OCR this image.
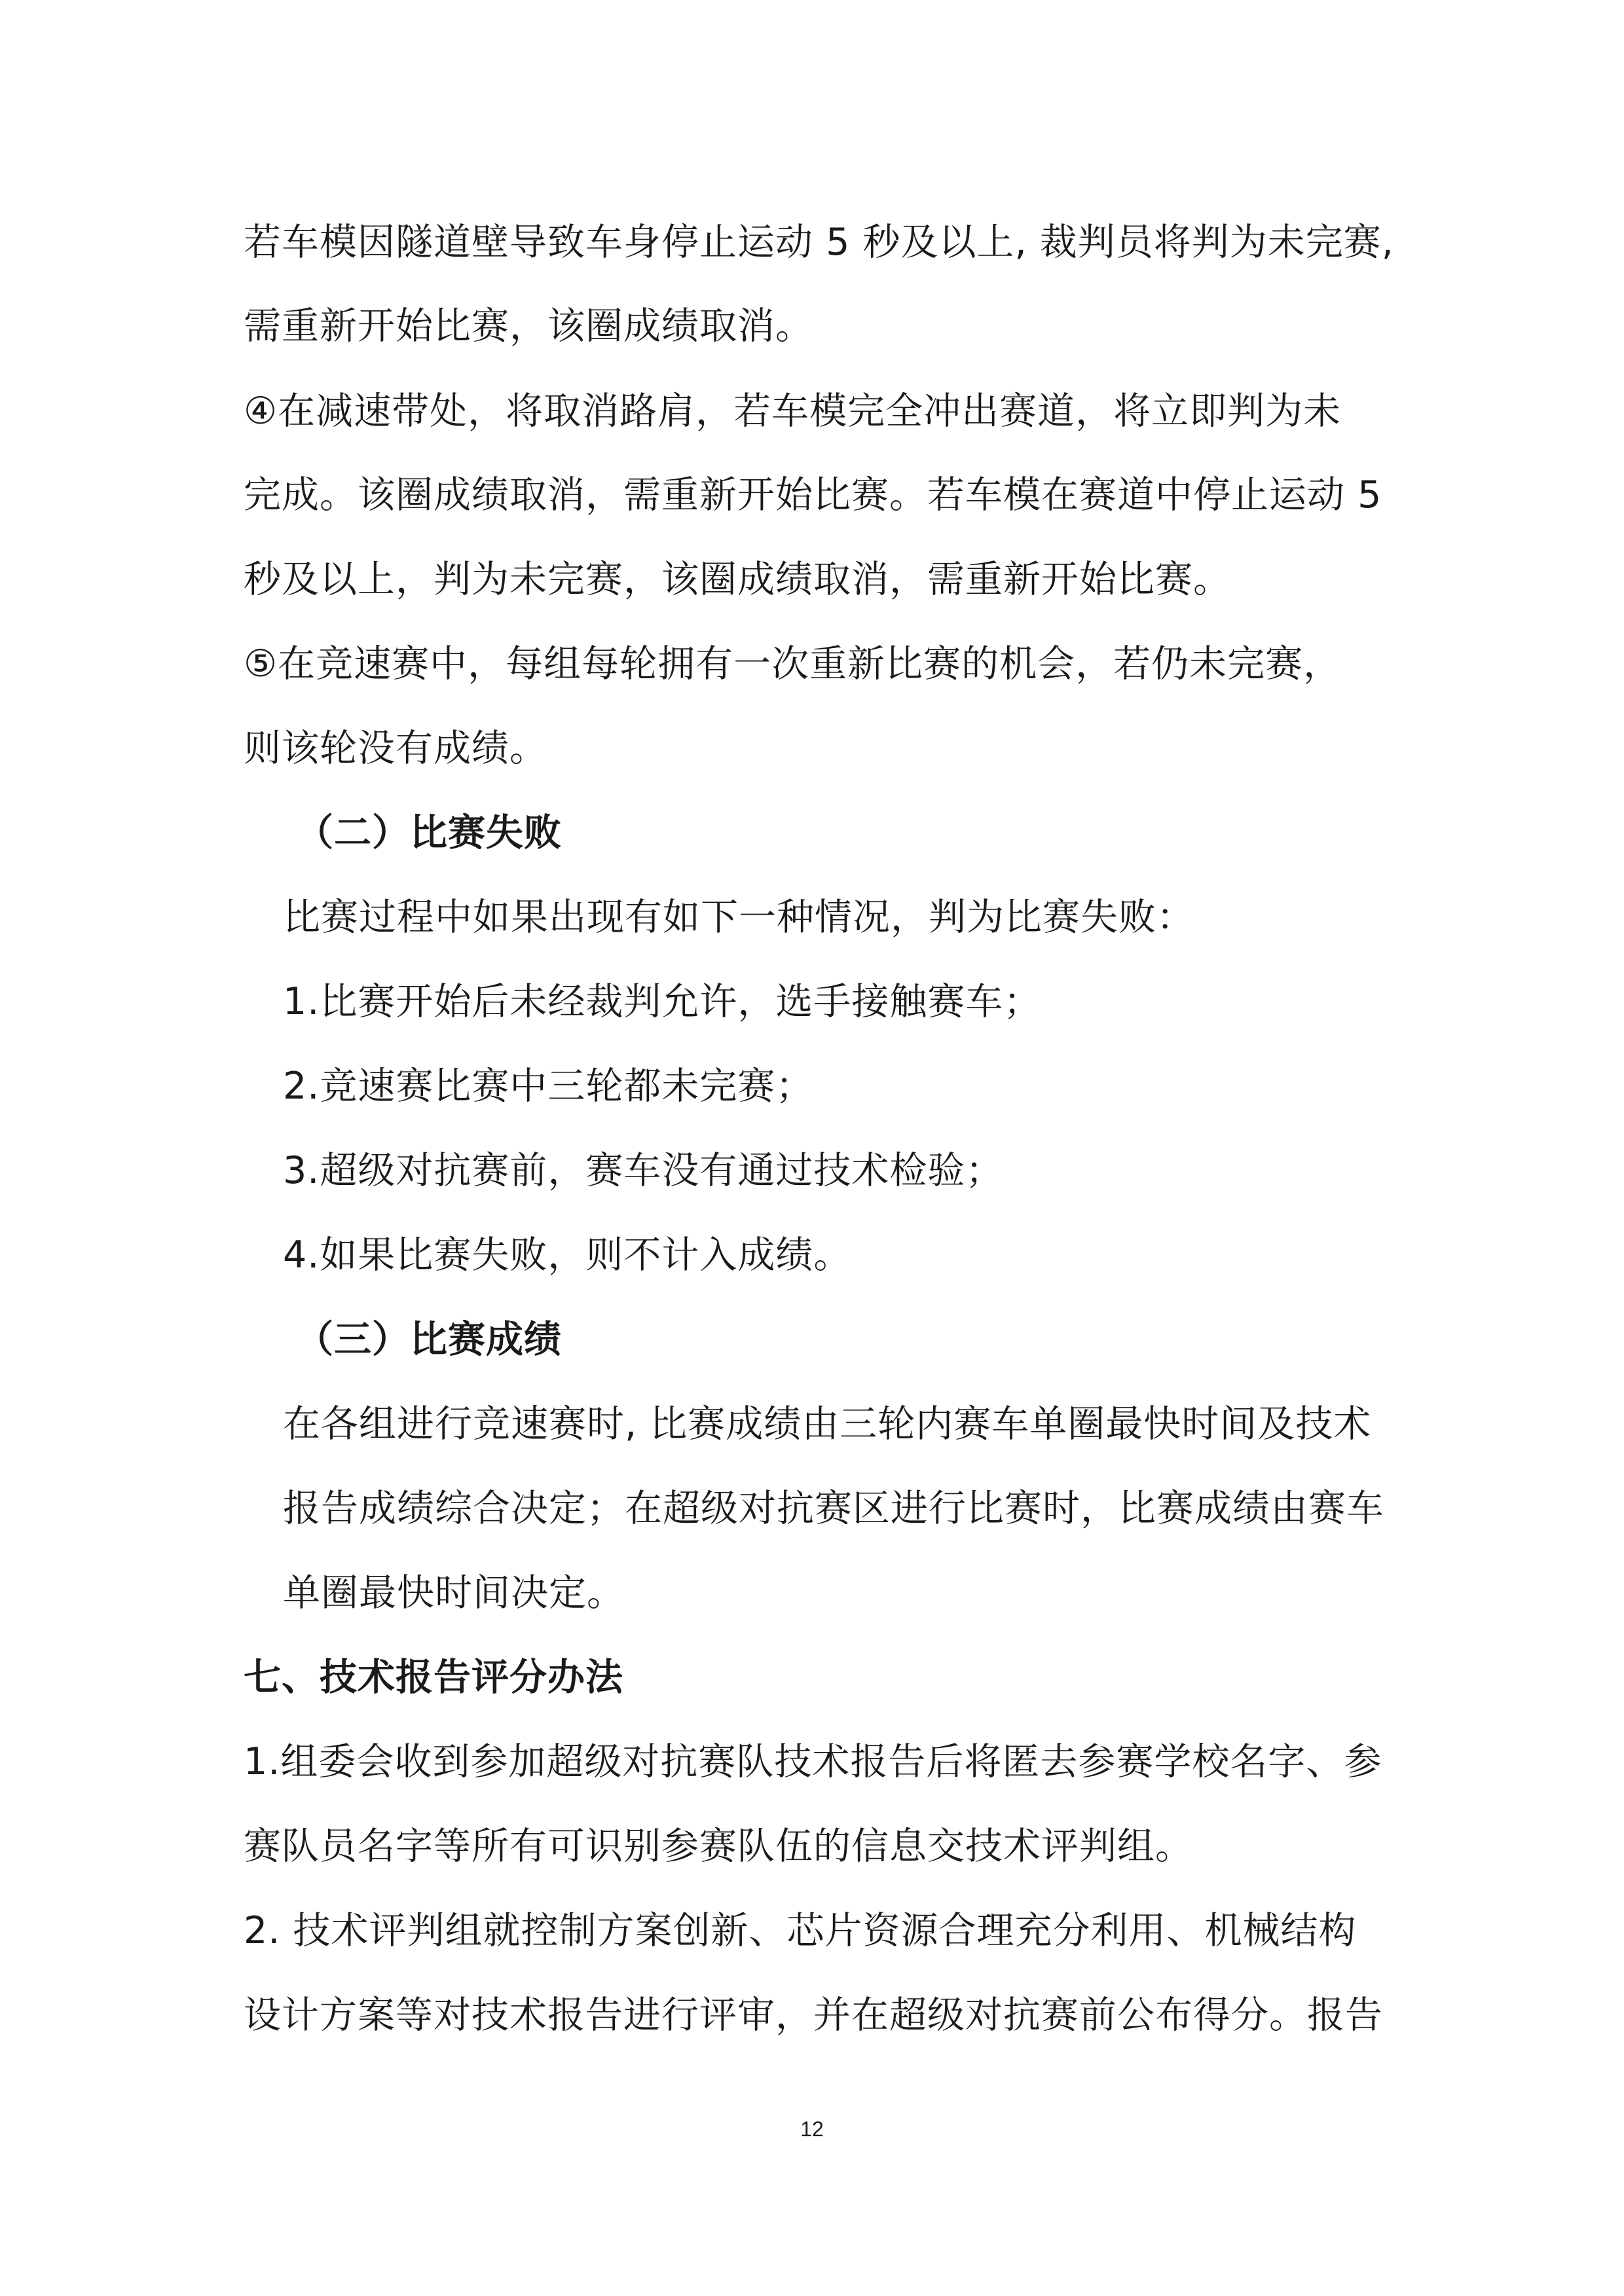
若车模因隧道壁导致车身停止运动 5 秒及以上, 裁判员将判为未完赛,
需重新开始比赛，该圈成绩取消。
④在减速带处，将取消路肩，若车模完全冲出赛道，将立即判为未
完成。该圈成绩取消，需重新开始比赛。若车模在赛道中停止运动 5
秒及以上，判为未完赛，该圈成绩取消，需重新开始比赛。
⑤在竞速赛中，每组每轮拥有一次重新比赛的机会，若仍未完赛，
则该轮没有成绩。
（二）比赛失败
比赛过程中如果出现有如下一种情况，判为比赛失败：
1.比赛开始后未经裁判允许，选手接触赛车；
2.竞速赛比赛中三轮都未完赛；
3.超级对抗赛前，赛车没有通过技术检验；
4.如果比赛失败，则不计入成绩。
（三）比赛成绩
在各组进行竞速赛时, 比赛成绩由三轮内赛车单圈最快时间及技术
报告成绩综合决定；在超级对抗赛区进行比赛时，比赛成绩由赛车
单圈最快时间决定。
七、技术报告评分办法
1.组委会收到参加超级对抗赛队技术报告后将匿去参赛学校名字、参
赛队员名字等所有可识别参赛队伍的信息交技术评判组。
2. 技术评判组就控制方案创新、芯片资源合理充分利用、机械结构
设计方案等对技术报告进行评审，并在超级对抗赛前公布得分。报告
12
